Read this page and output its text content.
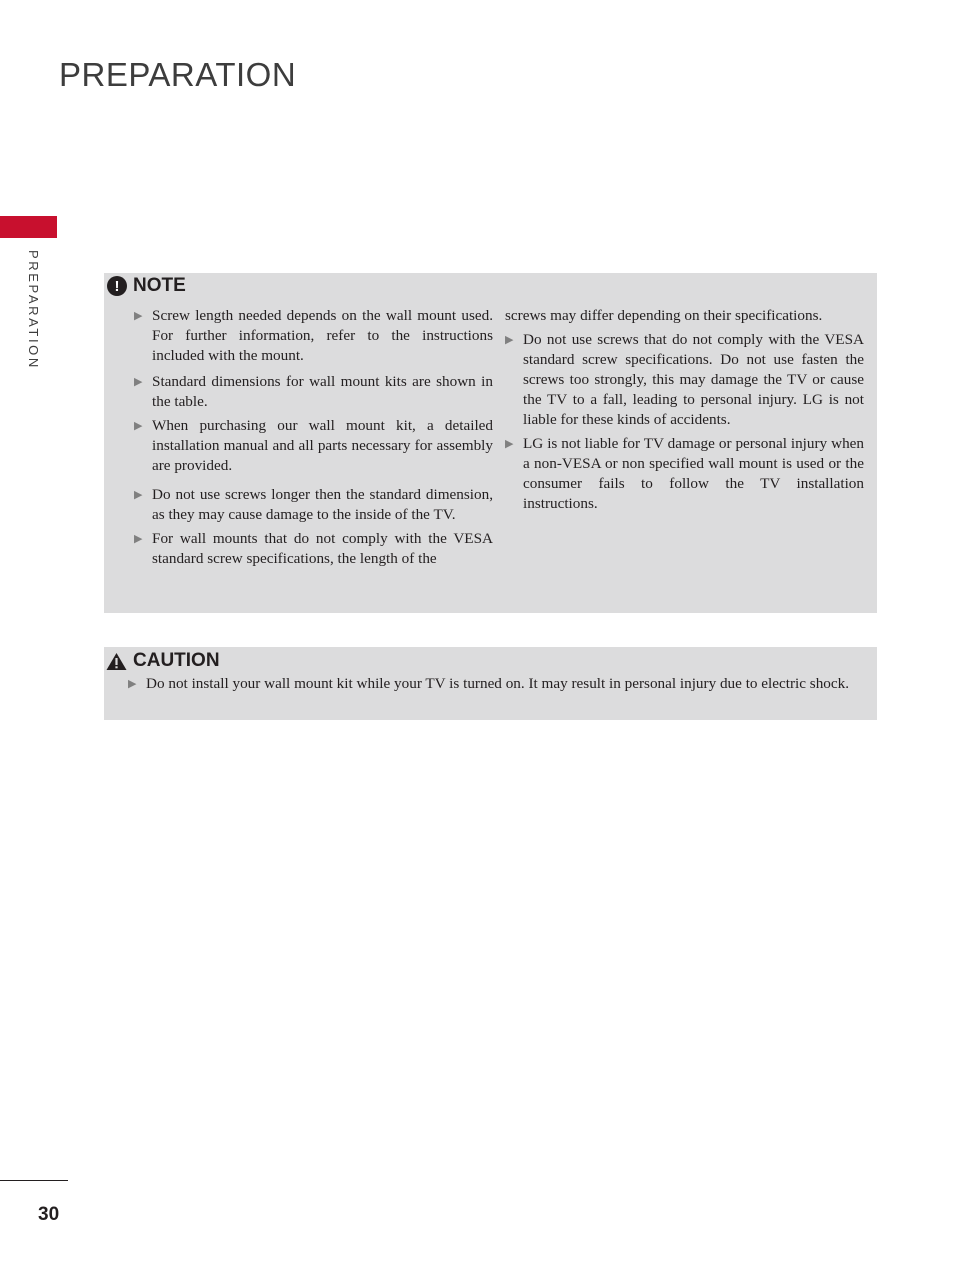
PREPARATION
PREPARATION	! NOTE
▶ Screw length needed depends on the wall mount used. For further information, refer to the instructions included with the mount.
▶ Standard dimensions for wall mount kits are shown in the table.
▶ When purchasing our wall mount kit, a detailed installation manual and all parts necessary for assembly are provided.
▶ Do not use screws longer then the standard dimension, as they may cause damage to the inside of the TV.
▶ For wall mounts that do not comply with the VESA standard screw specifications, the length of the
screws may differ depending on their specifications.
▶ Do not use screws that do not comply with the VESA standard screw specifications. Do not use fasten the screws too strongly, this may damage the TV or cause the TV to a fall, leading to personal injury. LG is not liable for these kinds of accidents.
▶ LG is not liable for TV damage or personal injury when a non-VESA or non specified wall mount is used or the consumer fails to follow the TV installation instructions.
CAUTION
▶ Do not install your wall mount kit while your TV is turned on. It may result in personal injury due to electric shock.
30
